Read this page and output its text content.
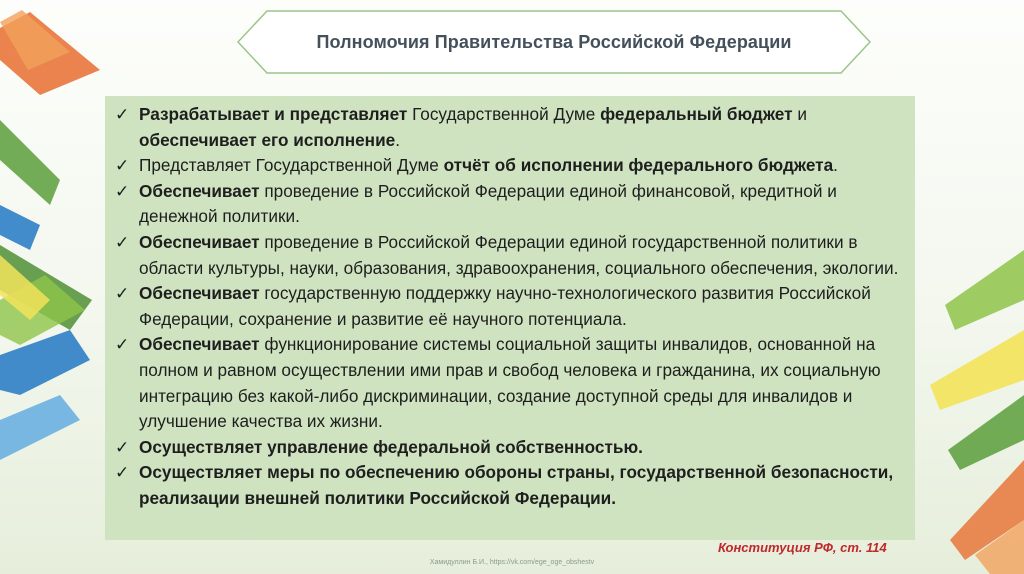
Полномочия Правительства Российской Федерации
✓ Разрабатывает и представляет Государственной Думе федеральный бюджет и обеспечивает его исполнение.
✓ Представляет Государственной Думе отчёт об исполнении федерального бюджета.
✓ Обеспечивает проведение в Российской Федерации единой финансовой, кредитной и денежной политики.
✓ Обеспечивает проведение в Российской Федерации единой государственной политики в области культуры, науки, образования, здравоохранения, социального обеспечения, экологии.
✓ Обеспечивает государственную поддержку научно-технологического развития Российской Федерации, сохранение и развитие её научного потенциала.
✓ Обеспечивает функционирование системы социальной защиты инвалидов, основанной на полном и равном осуществлении ими прав и свобод человека и гражданина, их социальную интеграцию без какой-либо дискриминации, создание доступной среды для инвалидов и улучшение качества их жизни.
✓ Осуществляет управление федеральной собственностью.
✓ Осуществляет меры по обеспечению обороны страны, государственной безопасности, реализации внешней политики Российской Федерации.
Конституция РФ, ст. 114
Хамидуллин Б.И., https://vk.com/ege_oge_obshestv
